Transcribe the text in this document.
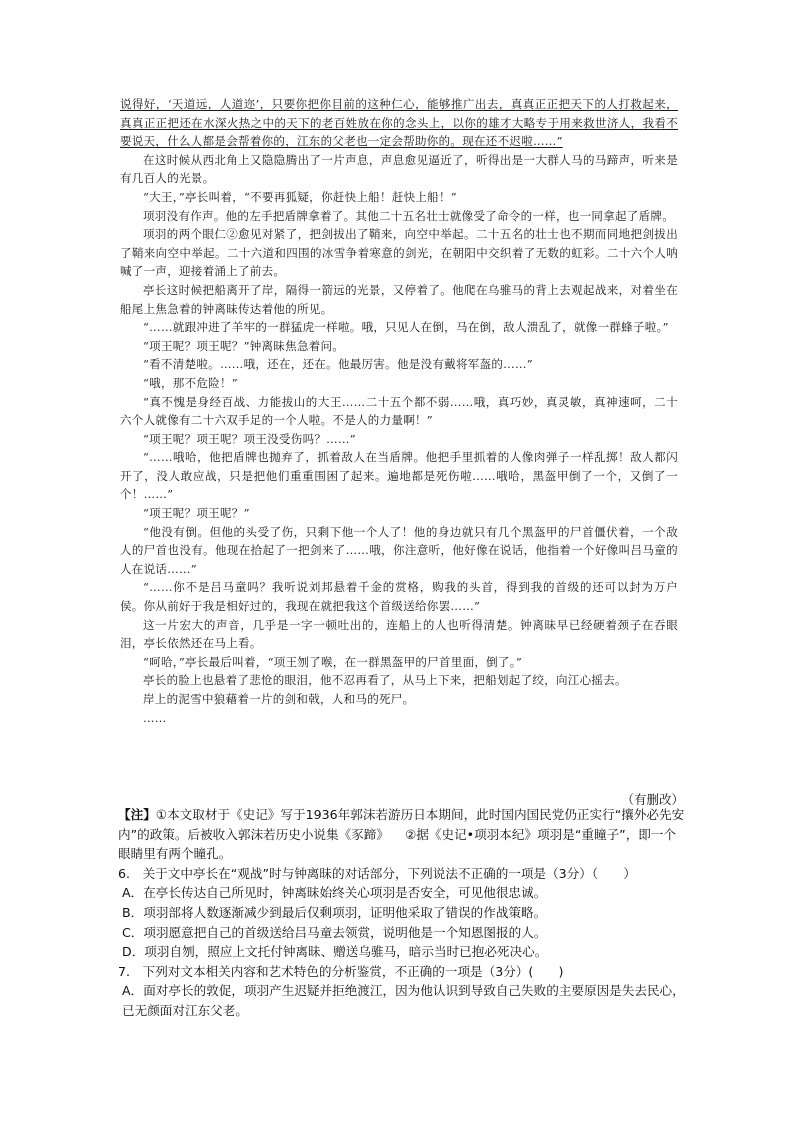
说得好，‘天道远，人道迩’，只要你把你目前的这种仁心，能够推广出去，真真正正把天下的人打救起来，真真正正把还在水深火热之中的天下的老百姓放在你的念头上，以你的雄才大略专于用来救世济人，我看不要说天，什么人都是会帮着你的，江东的父老也一定会帮助你的。现在还不迟啦……”

在这时候从西北角上又隐隐腾出了一片声息，声息愈见逼近了，听得出是一大群人马的马蹄声，听来是有几百人的光景。

“大王，”亭长叫着，“不要再狐疑，你赶快上船！赶快上船！”

项羽没有作声。他的左手把盾牌拿着了。其他二十五名壮士就像受了命令的一样，也一同拿起了盾牌。

项羽的两个眼仁②愈见对紧了，把剑拔出了鞘来，向空中举起。二十五名的壮士也不期而同地把剑拔出了鞘来向空中举起。二十六道和四围的冰雪争着寒意的剑光，在朝阳中交织着了无数的虹彩。二十六个人呐喊了一声，迎接着涌上了前去。

亭长这时候把船离开了岸，隔得一箭远的光景，又停着了。他爬在乌骓马的背上去观起战来，对着坐在船尾上焦急着的钟离昧传达着他的所见。

“……就跟冲进了羊牢的一群猛虎一样啦。哦，只见人在倒，马在倒，敌人溃乱了，就像一群蜂子啦。”

“项王呢？项王呢？”钟离昧焦急着问。

“看不清楚啦。……哦，还在，还在。他最厉害。他是没有戴将军盔的……”

“哦，那不危险！”

“真不愧是身经百战、力能拔山的大王……二十五个都不弱……哦，真巧妙，真灵敏，真神速呵，二十六个人就像有二十六双手足的一个人啦。不是人的力量啊！”

“项王呢？项王呢？项王没受伤吗？……”

“……哦哈，他把盾牌也抛弃了，抓着敌人在当盾牌。他把手里抓着的人像肉弹子一样乱掷！敌人都闪开了，没人敢应战，只是把他们重重围困了起来。遍地都是死伤啦……哦哈，黑盔甲倒了一个，又倒了一个！……”

“项王呢？项王呢？”

“他没有倒。但他的头受了伤，只剩下他一个人了！他的身边就只有几个黑盔甲的尸首僵伏着，一个敌人的尸首也没有。他现在拾起了一把剑来了……哦，你注意听，他好像在说话，他指着一个好像叫吕马童的人在说话……”

“……你不是吕马童吗？我听说刘邦悬着千金的赏格，购我的头首，得到我的首级的还可以封为万户侯。你从前好于我是相好过的，我现在就把我这个首级送给你罢……”

这一片宏大的声音，几乎是一字一顿吐出的，连船上的人也听得清楚。钟离昧早已经硬着颈子在吞眼泪，亭长依然还在马上看。

“呵哈，”亭长最后叫着，“项王刎了喉，在一群黑盔甲的尸首里面，倒了。”

亭长的脸上也悬着了悲怆的眼泪，他不忍再看了，从马上下来，把船划起了绞，向江心摇去。

岸上的泥雪中狼藉着一片的剑和戟，人和马的死尸。

……

（有删改）

【注】①本文取材于《史记》写于1936年郭沫若游历日本期间，此时国内国民党仍正实行“攘外必先安内”的政策。后被收入郭沫若历史小说集《豕蹄》 ②据《史记•项羽本纪》项羽是“重瞳子”，即一个眼睛里有两个瞳孔。

6.　关于文中亭长在“观战”时与钟离昧的对话部分，下列说法不正确的一项是（3分）（　　）

A．在亭长传达自己所见时，钟离昧始终关心项羽是否安全，可见他很忠诚。

B．项羽部将人数逐渐减少到最后仅剩项羽，证明他采取了错误的作战策略。

C．项羽愿意把自己的首级送给吕马童去领赏，说明他是一个知恩图报的人。

D．项羽自刎，照应上文托付钟离昧、赠送乌骓马，暗示当时已抱必死决心。

7.　下列对文本相关内容和艺术特色的分析鉴赏，不正确的一项是（3分）(　　)

A．面对亭长的敦促，项羽产生迟疑并拒绝渡江，因为他认识到导致自己失败的主要原因是失去民心，已无颜面对江东父老。
